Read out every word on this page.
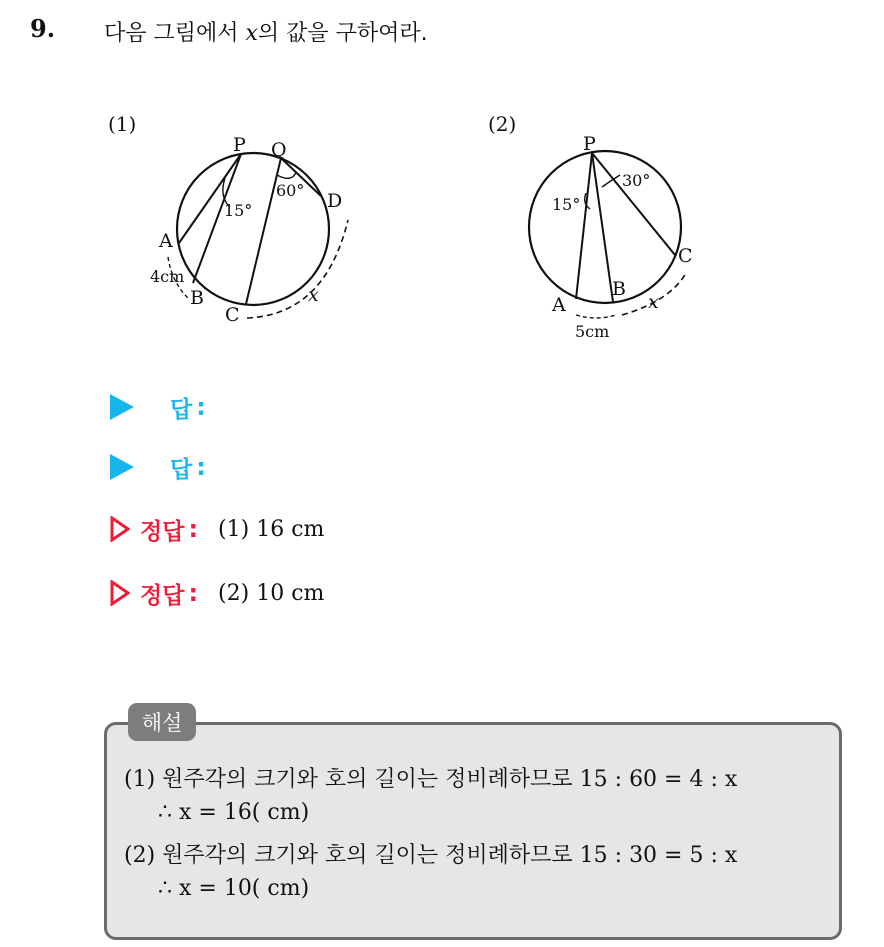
9. 다음 그림에서 x의 값을 구하여라.
(1)
P Q
D
A
B
C
15°
60°
4cm
x
(2)
P
A
B
C
15°
30°
5cm
x
답 :
답 :
정답 : (1) 16 cm
정답 : (2) 10 cm
해설
(1) 원주각의 크기와 호의 길이는 정비례하므로 15 : 60 = 4 : x
∴ x = 16( cm)
(2) 원주각의 크기와 호의 길이는 정비례하므로 15 : 30 = 5 : x
∴ x = 10( cm)
